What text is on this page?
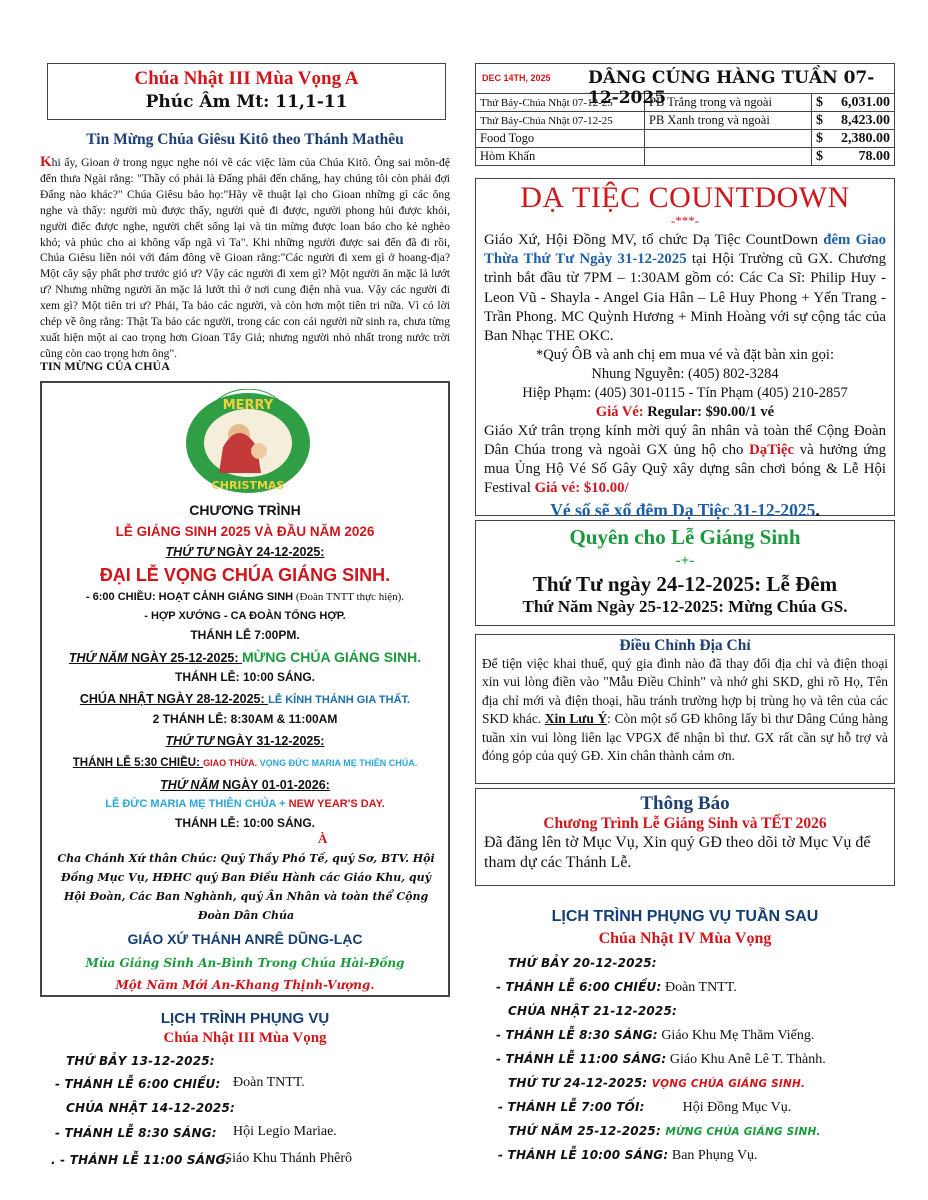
Chúa Nhật III Mùa Vọng A
Phúc Âm Mt: 11,1-11
Tin Mừng Chúa Giêsu Kitô theo Thánh Mathêu
Khi ấy, Gioan ở trong ngục nghe nói về các việc làm của Chúa Kitô. Ông sai môn-đệ đến thưa Ngài rằng: "Thầy có phải là Đấng phải đến chăng, hay chúng tôi còn phải đợi Đấng nào khác?" Chúa Giêsu bảo họ:"Hãy về thuật lại cho Gioan những gì các ông nghe và thấy: người mù được thấy, người què đi được, người phong hủi được khỏi, người điếc được nghe, người chết sống lại và tin mừng được loan báo cho kẻ nghèo khó; và phúc cho ai không vấp ngã vì Ta". Khi những người được sai đến đã đi rồi, Chúa Giêsu liền nói với đám đông về Gioan rằng:"Các người đi xem gì ở hoang-địa? Một cây sậy phất phơ trước gió ư? Vậy các người đi xem gì? Một người ăn mặc lả lướt ư? Nhưng những người ăn mặc lả lướt thì ở nơi cung điện nhà vua. Vậy các người đi xem gì? Một tiên tri ư? Phải, Ta bảo các người, và còn hơn một tiên tri nữa. Vì có lời chép về ông rằng: Thật Ta bảo các người, trong các con cái người nữ sinh ra, chưa từng xuất hiện một ai cao trọng hơn Gioan Tẩy Giả; nhưng người nhỏ nhất trong nước trời cũng còn cao trọng hơn ông".
TIN MỪNG CỦA CHÚA
MERRY
CHRISTMAS
CHƯƠNG TRÌNH
LỄ GIÁNG SINH 2025 VÀ ĐẦU NĂM 2026
THỨ TƯ NGÀY 24-12-2025:
ĐẠI LỄ VỌNG CHÚA GIÁNG SINH.
- 6:00 CHIỀU: HOẠT CẢNH GIÁNG SINH (Đoàn TNTT thực hiện).
- HỢP XƯỚNG - CA ĐOÀN TỔNG HỢP.
THÁNH LỄ 7:00PM.
THỨ NĂM NGÀY 25-12-2025: MỪNG CHÚA GIÁNG SINH.
THÁNH LỄ: 10:00 SÁNG.
CHÚA NHẬT NGÀY 28-12-2025: LỄ KÍNH THÁNH GIA THẤT.
2 THÁNH LỄ: 8:30AM & 11:00AM
THỨ TƯ NGÀY 31-12-2025:
THÁNH LỄ 5:30 CHIỀU: GIAO THỪA. VỌNG ĐỨC MARIA MẸ THIÊN CHÚA.
THỨ NĂM NGÀY 01-01-2026:
LỄ ĐỨC MARIA MẸ THIÊN CHÚA + NEW YEAR'S DAY.
THÁNH LỄ: 10:00 SÁNG.
À
Cha Chánh Xứ thân Chúc: Quý Thầy Phó Tế, quý Sơ, BTV. Hội Đồng Mục Vụ, HĐHC quý Ban Điều Hành các Giáo Khu, quý Hội Đoàn, Các Ban Nghành, quý Ân Nhân và toàn thể Cộng Đoàn Dân Chúa
GIÁO XỨ THÁNH ANRÊ DŨNG-LẠC
Mùa Giáng Sinh An-Bình Trong Chúa Hài-Đồng
Một Năm Mới An-Khang Thịnh-Vượng.
LỊCH TRÌNH PHỤNG VỤ
Chúa Nhật III Mùa Vọng
THỨ BẢY 13-12-2025:
- THÁNH LỄ 6:00 CHIỀU: Đoàn TNTT.
CHÚA NHẬT 14-12-2025:
- THÁNH LỄ 8:30 SÁNG: Hội Legio Mariae.
. - THÁNH LỄ 11:00 SÁNG:
Giáo Khu Thánh Phêrô
DEC 14TH, 2025 DÂNG CÚNG HÀNG TUẦN 07-12-2025
Thứ Bảy-Chúa Nhật 07-12-25	PB Trắng trong và ngoài	$	6,031.00
Thứ Bảy-Chúa Nhật 07-12-25	PB Xanh trong và ngoài	$	8,423.00
Food Togo		$	2,380.00
Hòm Khấn		$	78.00
DẠ TIỆC COUNTDOWN
-***-
Giáo Xứ, Hội Đồng MV, tổ chức Dạ Tiệc CountDown đêm Giao Thừa Thứ Tư Ngày 31-12-2025 tại Hội Trường cũ GX. Chương trình bắt đầu từ 7PM – 1:30AM gồm có: Các Ca Sĩ: Philip Huy - Leon Vũ - Shayla - Angel Gia Hân – Lê Huy Phong + Yến Trang - Trần Phong. MC Quỳnh Hương + Minh Hoàng với sự cộng tác của Ban Nhạc THE OKC.
*Quý ÔB và anh chị em mua vé và đặt bàn xin gọi:
Nhung Nguyễn: (405) 802-3284
Hiệp Phạm: (405) 301-0115 - Tín Phạm (405) 210-2857
Giá Vé: Regular: $90.00/1 vé
Giáo Xứ trân trọng kính mời quý ân nhân và toàn thể Cộng Đoàn Dân Chúa trong và ngoài GX ủng hộ cho DạTiệc và hưởng ứng mua Ủng Hộ Vé Số Gây Quỹ xây dựng sân chơi bóng & Lễ Hội Festival Giá vé: $10.00/
Vé số sẽ xổ đêm Dạ Tiệc 31-12-2025.
Quyên cho Lễ Giáng Sinh
-+-
Thứ Tư ngày 24-12-2025: Lễ Đêm
Thứ Năm Ngày 25-12-2025: Mừng Chúa GS.
Điều Chỉnh Địa Chỉ
Để tiện việc khai thuế, quý gia đình nào đã thay đổi địa chỉ và điện thoại xin vui lòng điền vào "Mẫu Điều Chỉnh" và nhớ ghi SKD, ghi rõ Họ, Tên địa chỉ mới và điện thoại, hầu tránh trường hợp bị trùng họ và tên của các SKD khác. Xin Lưu Ý: Còn một số GĐ không lấy bì thư Dâng Cúng hàng tuần xin vui lòng liên lạc VPGX để nhận bì thư. GX rất cần sự hỗ trợ và đóng góp của quý GĐ. Xin chân thành cảm ơn.
Thông Báo
Chương Trình Lễ Giáng Sinh và TẾT 2026
Đã đăng lên tờ Mục Vụ, Xin quý GĐ theo dõi tờ Mục Vụ để tham dự các Thánh Lễ.
LỊCH TRÌNH PHỤNG VỤ TUẦN SAU
Chúa Nhật IV Mùa Vọng
THỨ BẢY 20-12-2025:
- THÁNH LỄ 6:00 CHIỀU: Đoàn TNTT.
CHÚA NHẬT 21-12-2025:
- THÁNH LỄ 8:30 SÁNG: Giáo Khu Mẹ Thăm Viếng.
- THÁNH LỄ 11:00 SÁNG: Giáo Khu Anê Lê T. Thành.
THỨ TƯ 24-12-2025: VỌNG CHÚA GIÁNG SINH.
- THÁNH LỄ 7:00 TỐI:	Hội Đồng Mục Vụ.
THỨ NĂM 25-12-2025: MỪNG CHÚA GIÁNG SINH.
- THÁNH LỄ 10:00 SÁNG: Ban Phụng Vụ.
